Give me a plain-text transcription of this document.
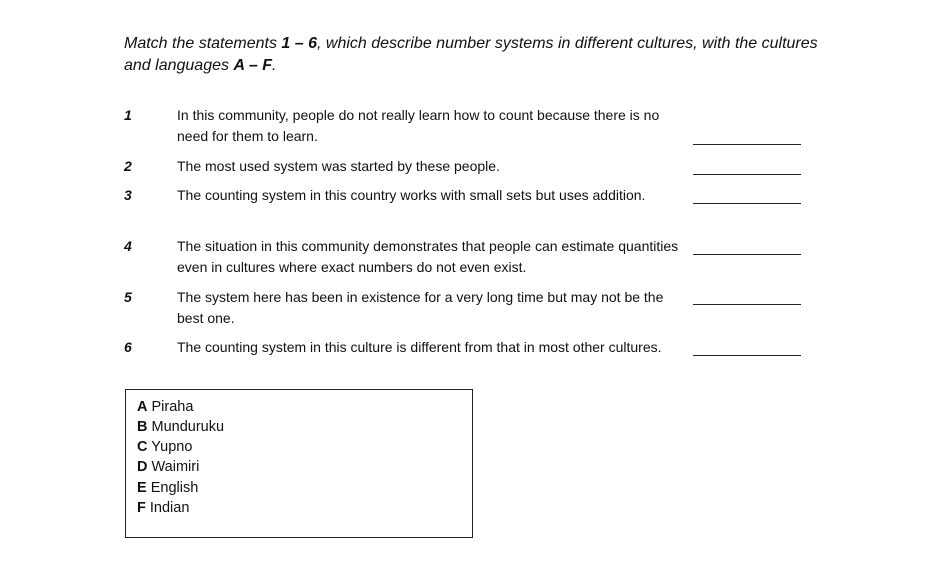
Match the statements 1 – 6, which describe number systems in different cultures, with the cultures and languages A – F.
1	In this community, people do not really learn how to count because there is no need for them to learn.
2	The most used system was started by these people.
3	The counting system in this country works with small sets but uses addition.
4	The situation in this community demonstrates that people can estimate quantities even in cultures where exact numbers do not even exist.
5	The system here has been in existence for a very long time but may not be the best one.
6	The counting system in this culture is different from that in most other cultures.
A Piraha
B Munduruku
C Yupno
D Waimiri
E English
F Indian
